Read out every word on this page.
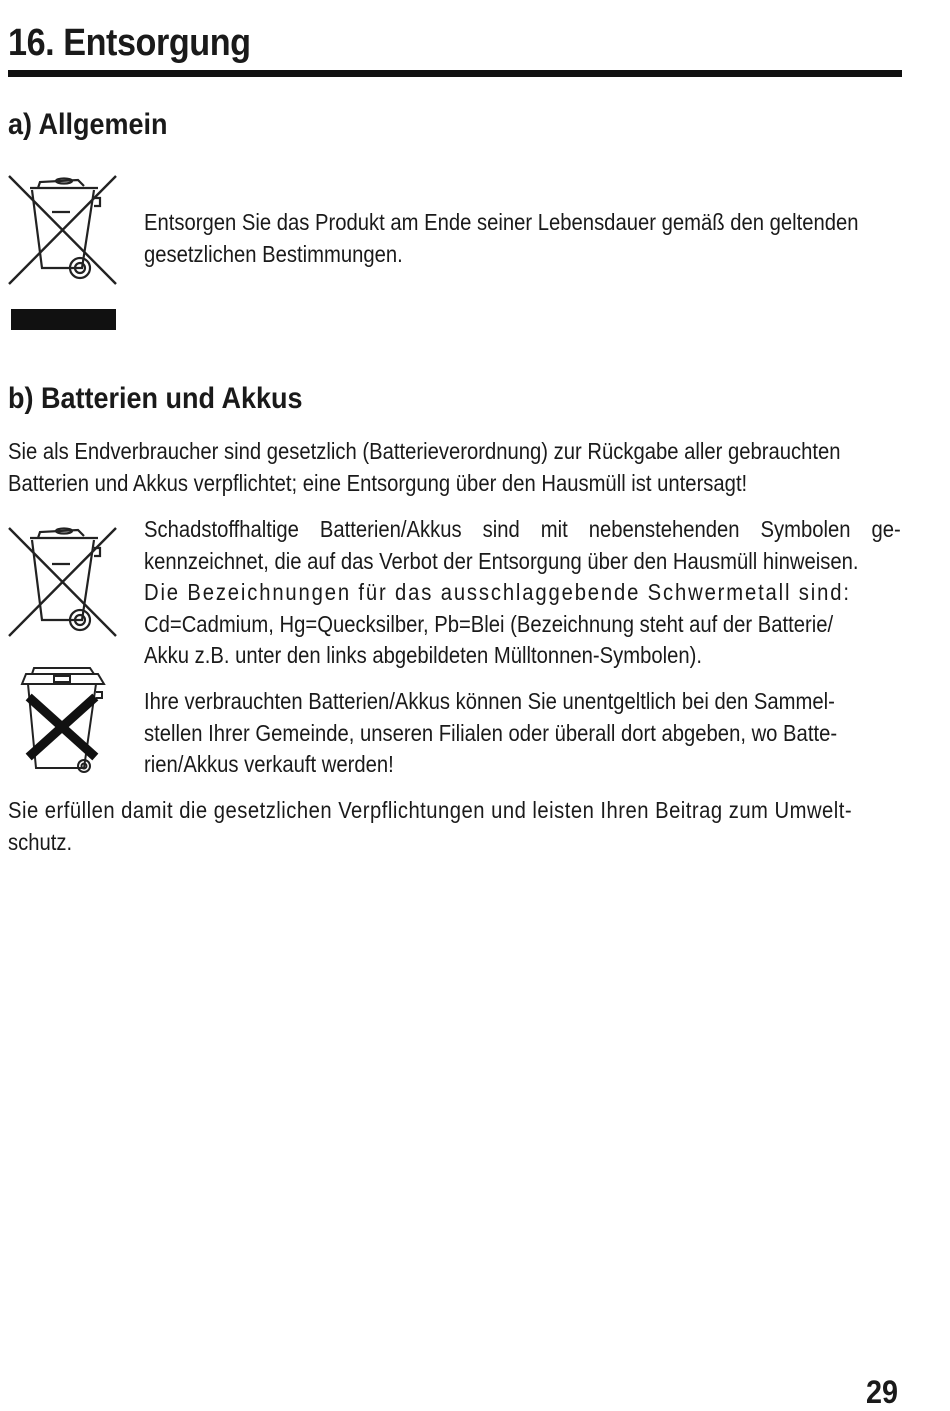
16. Entsorgung
a) Allgemein
Entsorgen Sie das Produkt am Ende seiner Lebensdauer gemäß den geltenden
gesetzlichen Bestimmungen.
b) Batterien und Akkus
Sie als Endverbraucher sind gesetzlich (Batterieverordnung) zur Rückgabe aller gebrauchten
Batterien und Akkus verpflichtet; eine Entsorgung über den Hausmüll ist untersagt!
Schadstoffhaltige Batterien/Akkus sind mit nebenstehenden Symbolen ge-
kennzeichnet, die auf das Verbot der Entsorgung über den Hausmüll hinweisen.
Die Bezeichnungen für das ausschlaggebende Schwermetall sind:
Cd=Cadmium, Hg=Quecksilber, Pb=Blei (Bezeichnung steht auf der Batterie/
Akku z.B. unter den links abgebildeten Mülltonnen-Symbolen).
Ihre verbrauchten Batterien/Akkus können Sie unentgeltlich bei den Sammel-
stellen Ihrer Gemeinde, unseren Filialen oder überall dort abgeben, wo Batte-
rien/Akkus verkauft werden!
Sie erfüllen damit die gesetzlichen Verpflichtungen und leisten Ihren Beitrag zum Umwelt-
schutz.
29
